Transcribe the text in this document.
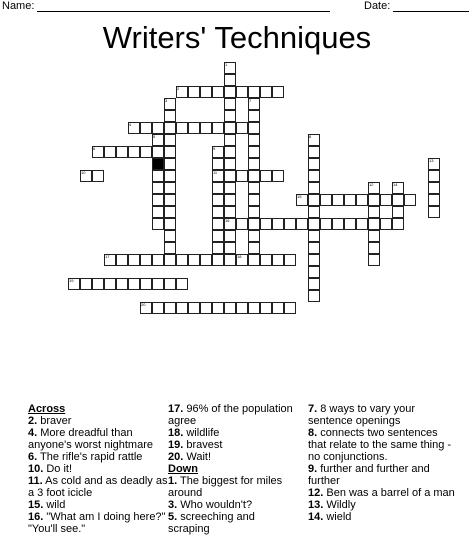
Name:	Date:
Writers' Techniques
1
2
3
4
5
6
7
8
9
10	11
12
13
14
15
16
17	18
19
20
Across
2. braver
4. More dreadful than anyone's worst nightmare
6. The rifle's rapid rattle
10. Do it!
11. As cold and as deadly as a 3 foot icicle
15. wild
16. "What am I doing here?" "You'll see."
17. 96% of the population agree
18. wildlife
19. bravest
20. Wait!
Down
1. The biggest for miles around
3. Who wouldn't?
5. screeching and scraping
7. 8 ways to vary your sentence openings
8. connects two sentences that relate to the same thing - no conjunctions.
9. further and further and further
12. Ben was a barrel of a man
13. Wildly
14. wield
